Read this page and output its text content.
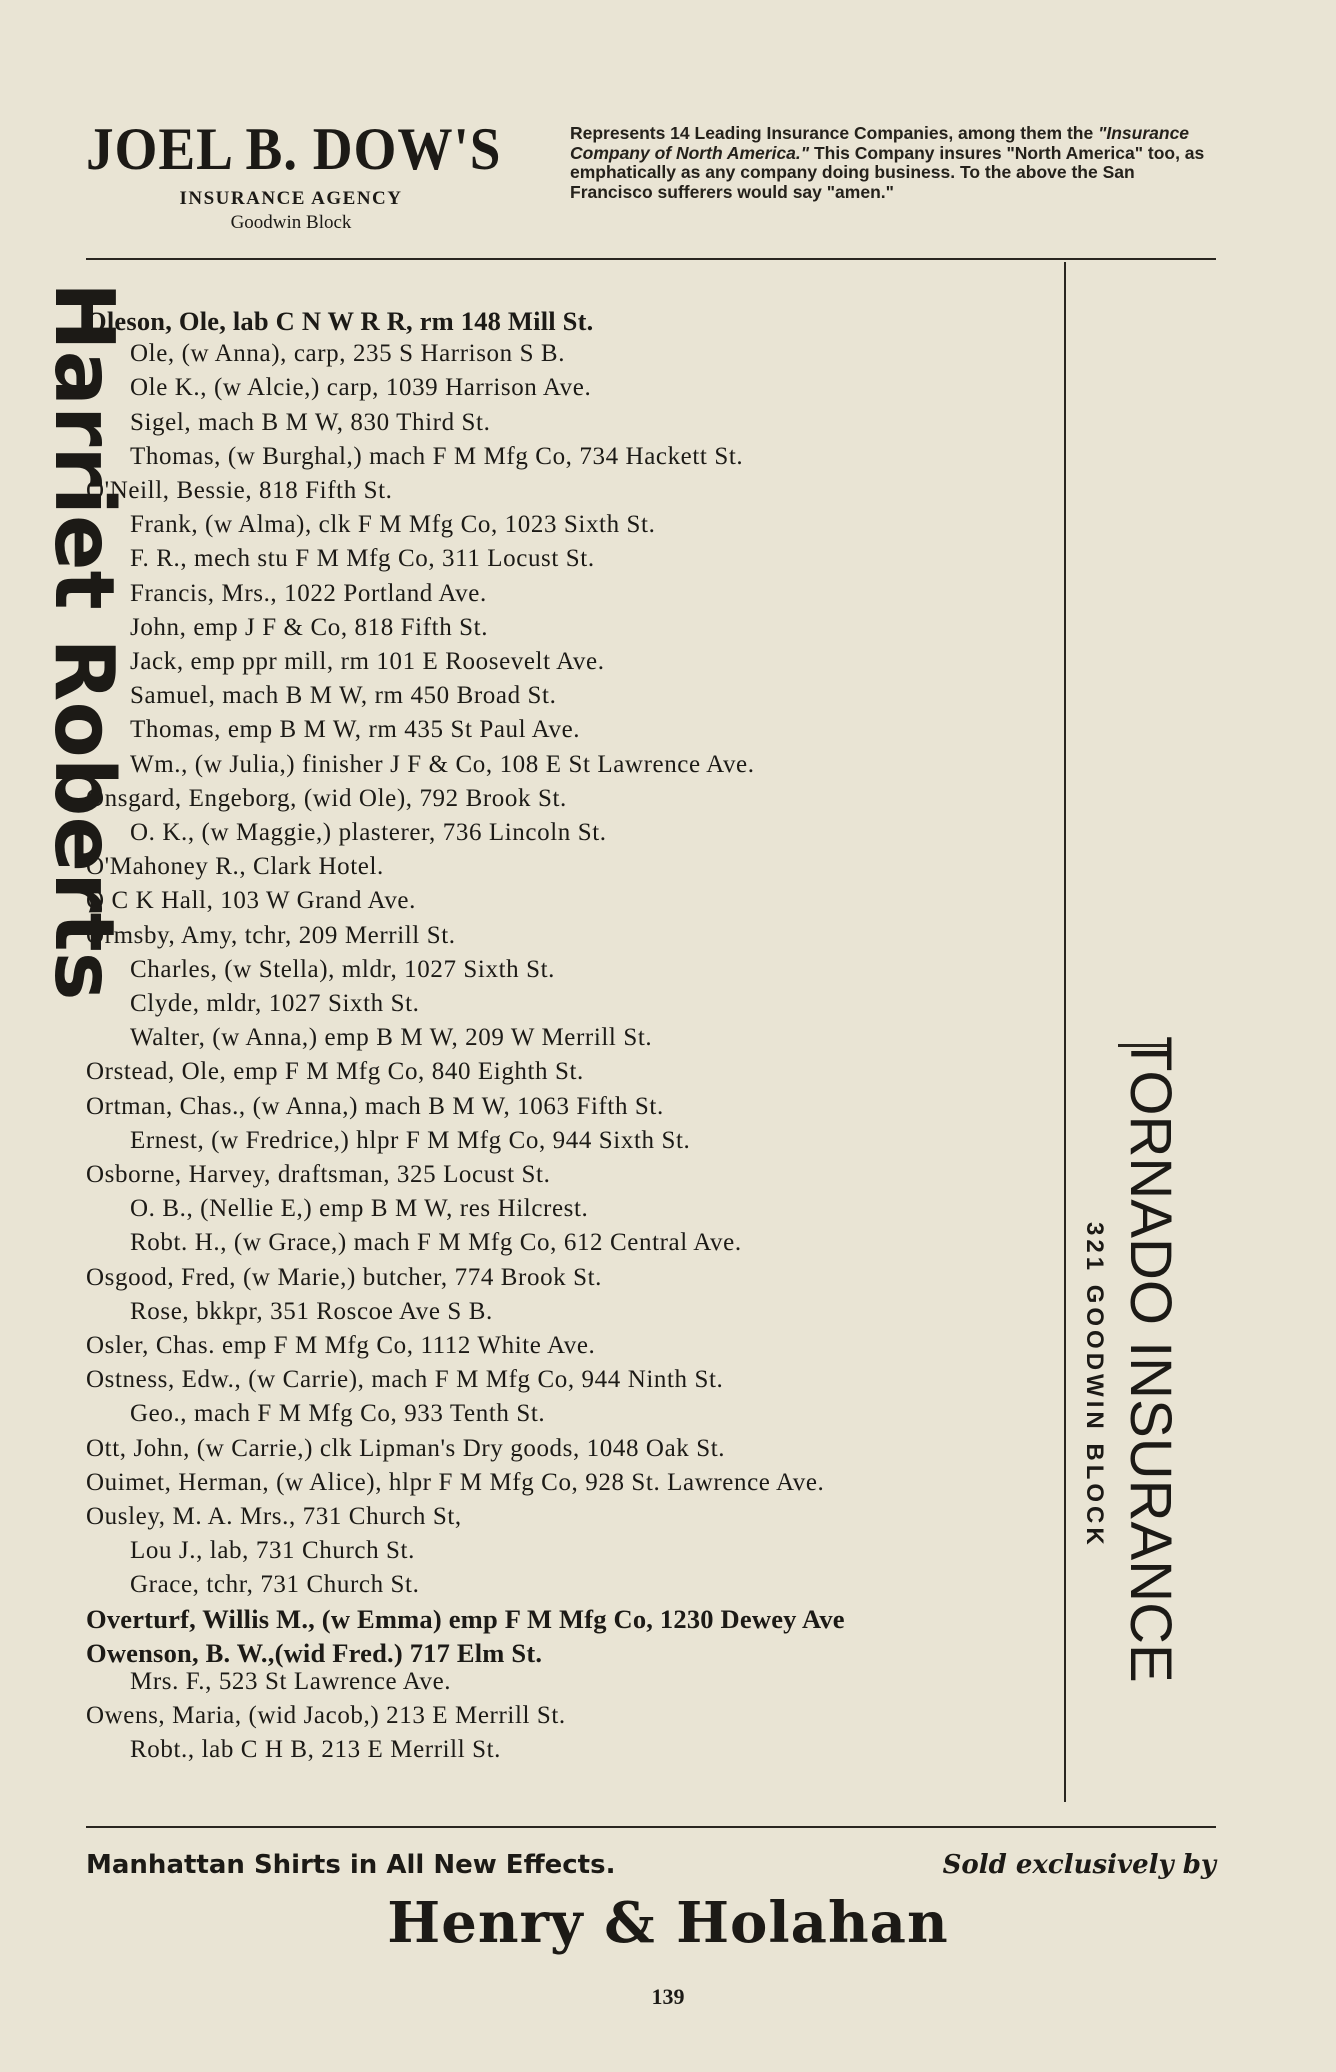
JOEL B. DOW'S
INSURANCE AGENCY
Goodwin Block
Represents 14 Leading Insurance Companies, among them the "Insurance Company of North America." This Company insures "North America" too, as emphatically as any company doing business. To the above the San Francisco sufferers would say "amen."
Oleson, Ole, lab C N W R R, rm 148 Mill St.
Ole, (w Anna), carp, 235 S Harrison S B.
Ole K., (w Alcie,) carp, 1039 Harrison Ave.
Sigel, mach B M W, 830 Third St.
Thomas, (w Burghal,) mach F M Mfg Co, 734 Hackett St.
O'Neill, Bessie, 818 Fifth St.
Frank, (w Alma), clk F M Mfg Co, 1023 Sixth St.
F. R., mech stu F M Mfg Co, 311 Locust St.
Francis, Mrs., 1022 Portland Ave.
John, emp J F & Co, 818 Fifth St.
Jack, emp ppr mill, rm 101 E Roosevelt Ave.
Samuel, mach B M W, rm 450 Broad St.
Thomas, emp B M W, rm 435 St Paul Ave.
Wm., (w Julia,) finisher J F & Co, 108 E St Lawrence Ave.
Onsgard, Engeborg, (wid Ole), 792 Brook St.
O. K., (w Maggie,) plasterer, 736 Lincoln St.
O'Mahoney R., Clark Hotel.
O C K Hall, 103 W Grand Ave.
Ormsby, Amy, tchr, 209 Merrill St.
Charles, (w Stella), mldr, 1027 Sixth St.
Clyde, mldr, 1027 Sixth St.
Walter, (w Anna,) emp B M W, 209 W Merrill St.
Orstead, Ole, emp F M Mfg Co, 840 Eighth St.
Ortman, Chas., (w Anna,) mach B M W, 1063 Fifth St.
Ernest, (w Fredrice,) hlpr F M Mfg Co, 944 Sixth St.
Osborne, Harvey, draftsman, 325 Locust St.
O. B., (Nellie E,) emp B M W, res Hilcrest.
Robt. H., (w Grace,) mach F M Mfg Co, 612 Central Ave.
Osgood, Fred, (w Marie,) butcher, 774 Brook St.
Rose, bkkpr, 351 Roscoe Ave S B.
Osler, Chas. emp F M Mfg Co, 1112 White Ave.
Ostness, Edw., (w Carrie), mach F M Mfg Co, 944 Ninth St.
Geo., mach F M Mfg Co, 933 Tenth St.
Ott, John, (w Carrie,) clk Lipman's Dry goods, 1048 Oak St.
Ouimet, Herman, (w Alice), hlpr F M Mfg Co, 928 St. Lawrence Ave.
Ousley, M. A. Mrs., 731 Church St,
Lou J., lab, 731 Church St.
Grace, tchr, 731 Church St.
Overturf, Willis M., (w Emma) emp F M Mfg Co, 1230 Dewey Ave
Owenson, B. W.,(wid Fred.) 717 Elm St.
Mrs. F., 523 St Lawrence Ave.
Owens, Maria, (wid Jacob,) 213 E Merrill St.
Robt., lab C H B, 213 E Merrill St.
Harriet Roberts
TORNADO INSURANCE
321 GOODWIN BLOCK
Manhattan Shirts in All New Effects.	Sold exclusively by
Henry & Holahan
139
